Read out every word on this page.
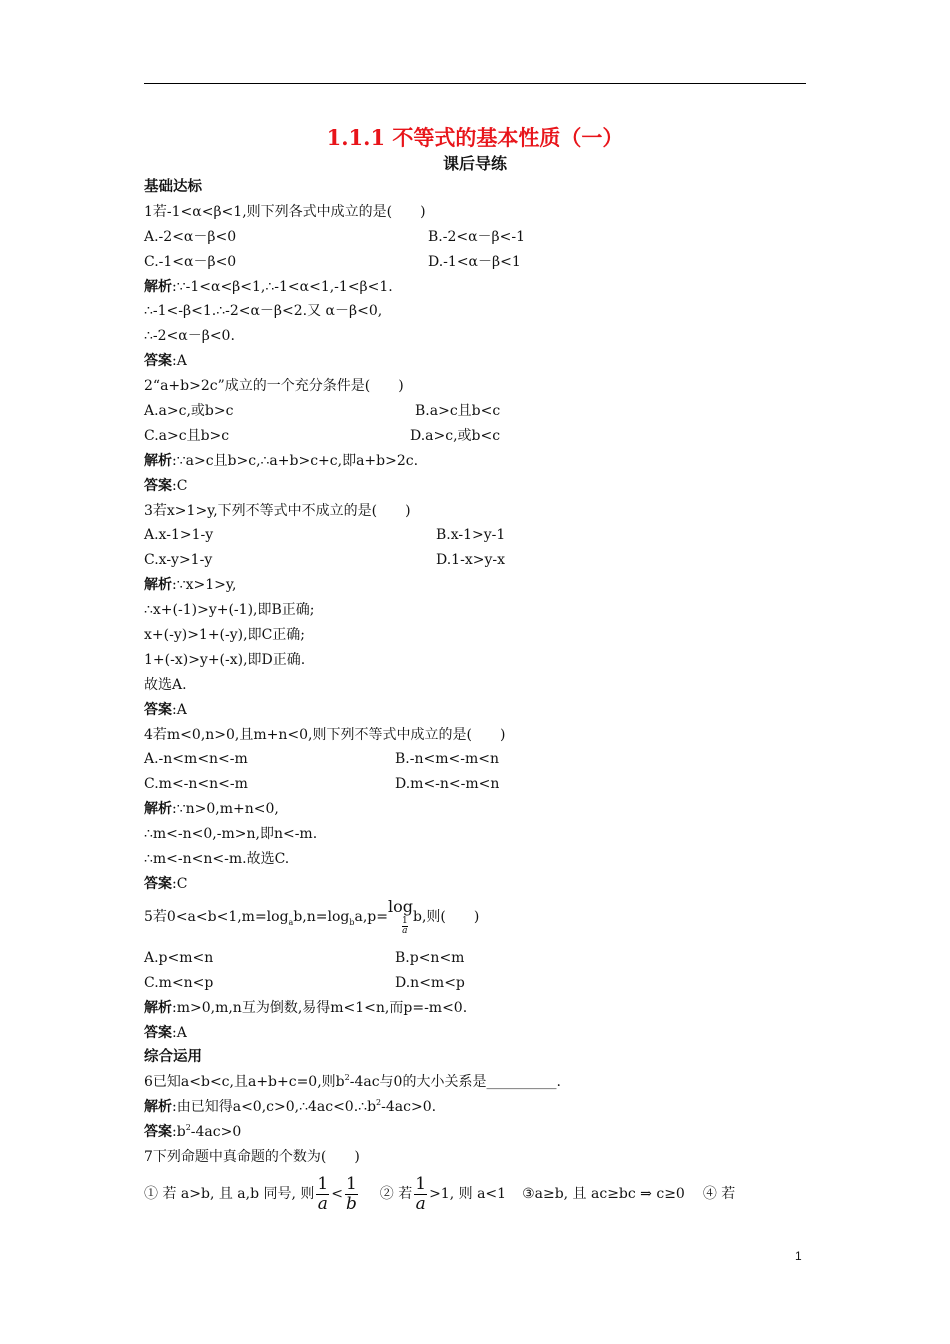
1.1.1 不等式的基本性质（一）
课后导练
基础达标
1若-1<α<β<1,则下列各式中成立的是(　　)
A.-2<α－β<0	B.-2<α－β<-1
C.-1<α－β<0	D.-1<α－β<1
解析:∵-1<α<β<1,∴-1<α<1,-1<β<1.
∴-1<-β<1.∴-2<α－β<2.又 α－β<0,
∴-2<α－β<0.
答案:A
2“a+b>2c”成立的一个充分条件是(　　)
A.a>c,或b>c	B.a>c且b<c
C.a>c且b>c	D.a>c,或b<c
解析:∵a>c且b>c,∴a+b>c+c,即a+b>2c.
答案:C
3若x>1>y,下列不等式中不成立的是(　　)
A.x-1>1-y	B.x-1>y-1
C.x-y>1-y	D.1-x>y-x
解析:∵x>1>y,
∴x+(-1)>y+(-1),即B正确;
x+(-y)>1+(-y),即C正确;
1+(-x)>y+(-x),即D正确.
故选A.
答案:A
4若m<0,n>0,且m+n<0,则下列不等式中成立的是(　　)
A.-n<m<n<-m	B.-n<m<-m<n
C.m<-n<n<-m	D.m<-n<-m<n
解析:∵n>0,m+n<0,
∴m<-n<0,-m>n,即n<-m.
∴m<-n<n<-m.故选C.
答案:C
5若$0<a<b<1,m=\log_ab,n=\log_ba,p=\log$
$\frac{1}{a} b$,则(　　)
A.p<m<n	B.p<n<m
C.m<n<p	D.n<m<p
解析:m>0,m,n互为倒数,易得m<1<n,而p=-m<0.
答案:A
综合运用
6已知a<b<c,且a+b+c=0,则$b^2-4ac$与0的大小关系是__________.
解析:由已知得$a<0,c>0,\therefore 4ac<0.\therefore b^2-4ac>0$.
答案$:b^2-4ac>0$
7下列命题中真命题的个数为(　　)
① 若 a>b, 且 a,b 同号, 则 $\frac{1}{a} < \frac{1}{b}$ ② 若 $\frac{1}{a} >1$, 则 a<1 ③a≥b, 且 ac≥bc ⇒ c≥0 ④ 若
1
